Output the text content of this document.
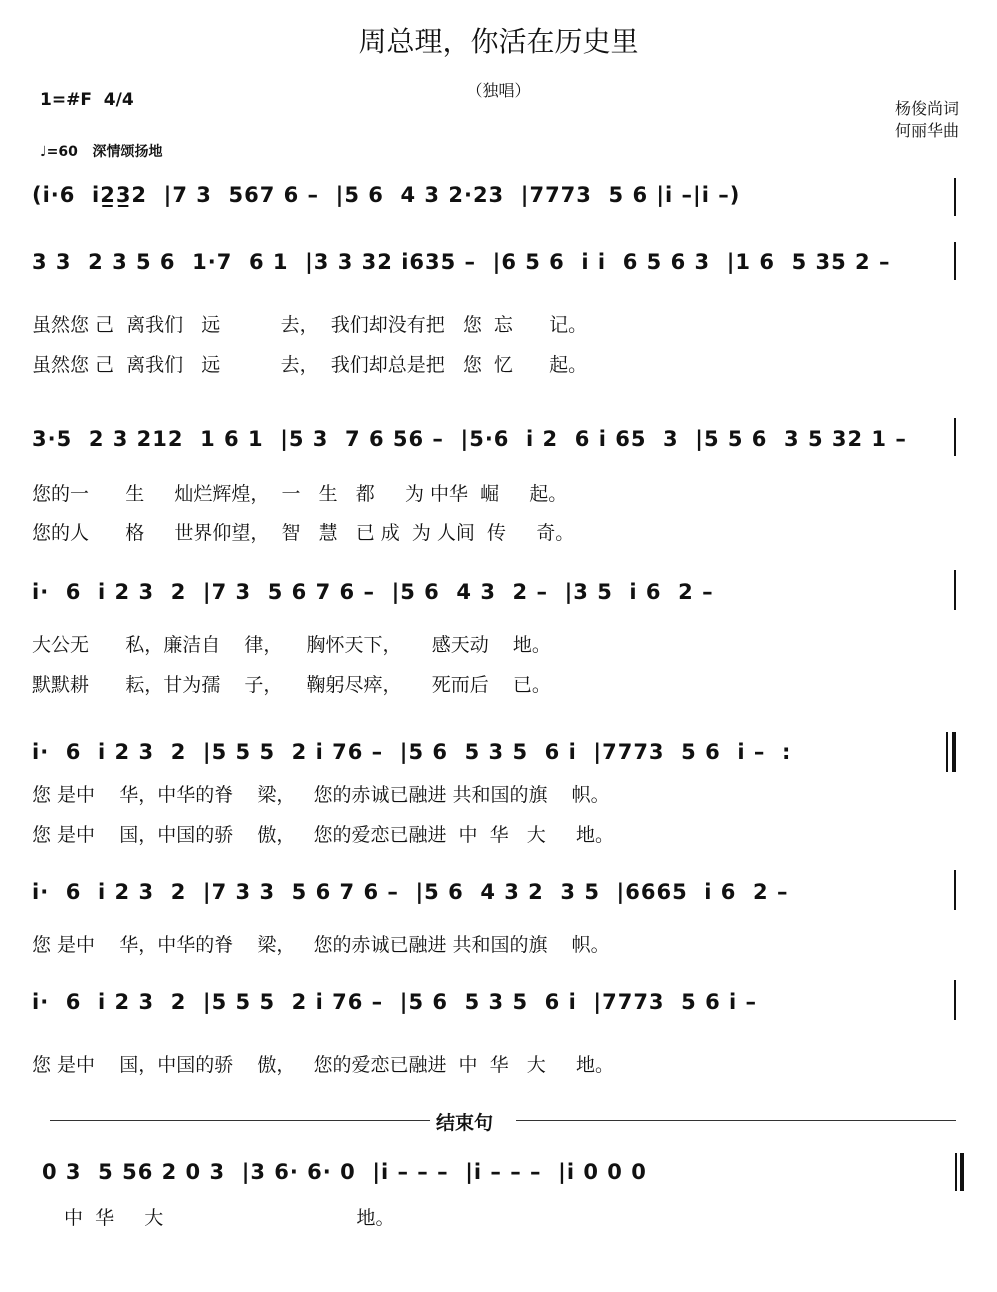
周总理，你活在历史里
（独唱）
杨俊尚词
何丽华曲
1=#F 4/4
♩=60   深情颂扬地
(i·6  i2̲3̲2  |7 3  567 6 –  |5 6  4 3 2·23  |7773  5 6 |i –|i –)
3 3  2 3 5 6  1·7  6 1  |3 3 32 i635 –  |6 5 6  i i  6 5 6 3  |1 6  5 35 2 –
虽然您 己  离我们   远          去，  我们却没有把   您  忘      记。
虽然您 己  离我们   远          去，  我们却总是把   您  忆      起。
3·5  2 3 212  1 6 1  |5 3  7 6 56 –  |5·6  i 2  6 i 65  3  |5 5 6  3 5 32 1 –
您的一      生     灿烂辉煌，  一   生   都     为 中华  崛     起。
您的人      格     世界仰望，  智   慧   已 成  为 人间  传     奇。
i·  6  i 2 3  2  |7 3  5 6 7 6 –  |5 6  4 3  2 –  |3 5  i 6  2 –
大公无      私，廉洁自    律，    胸怀天下，     感天动    地。
默默耕      耘，甘为孺    子，    鞠躬尽瘁，     死而后    已。
i·  6  i 2 3  2  |5 5 5  2 i 76 –  |5 6  5 3 5  6 i  |7773  5 6  i –  :
您 是中    华，中华的脊    梁，   您的赤诚已融进 共和国的旗    帜。
您 是中    国，中国的骄    傲，   您的爱恋已融进  中  华   大     地。
i·  6  i 2 3  2  |7 3 3  5 6 7 6 –  |5 6  4 3 2  3 5  |6665  i 6  2 –
您 是中    华，中华的脊    梁，   您的赤诚已融进 共和国的旗    帜。
i·  6  i 2 3  2  |5 5 5  2 i 76 –  |5 6  5 3 5  6 i  |7773  5 6 i –
您 是中    国，中国的骄    傲，   您的爱恋已融进  中  华   大     地。
结束句
0 3  5 56 2 0 3  |3 6· 6· 0  |i – – –  |i – – –  |i 0 0 0
中  华     大                                地。
